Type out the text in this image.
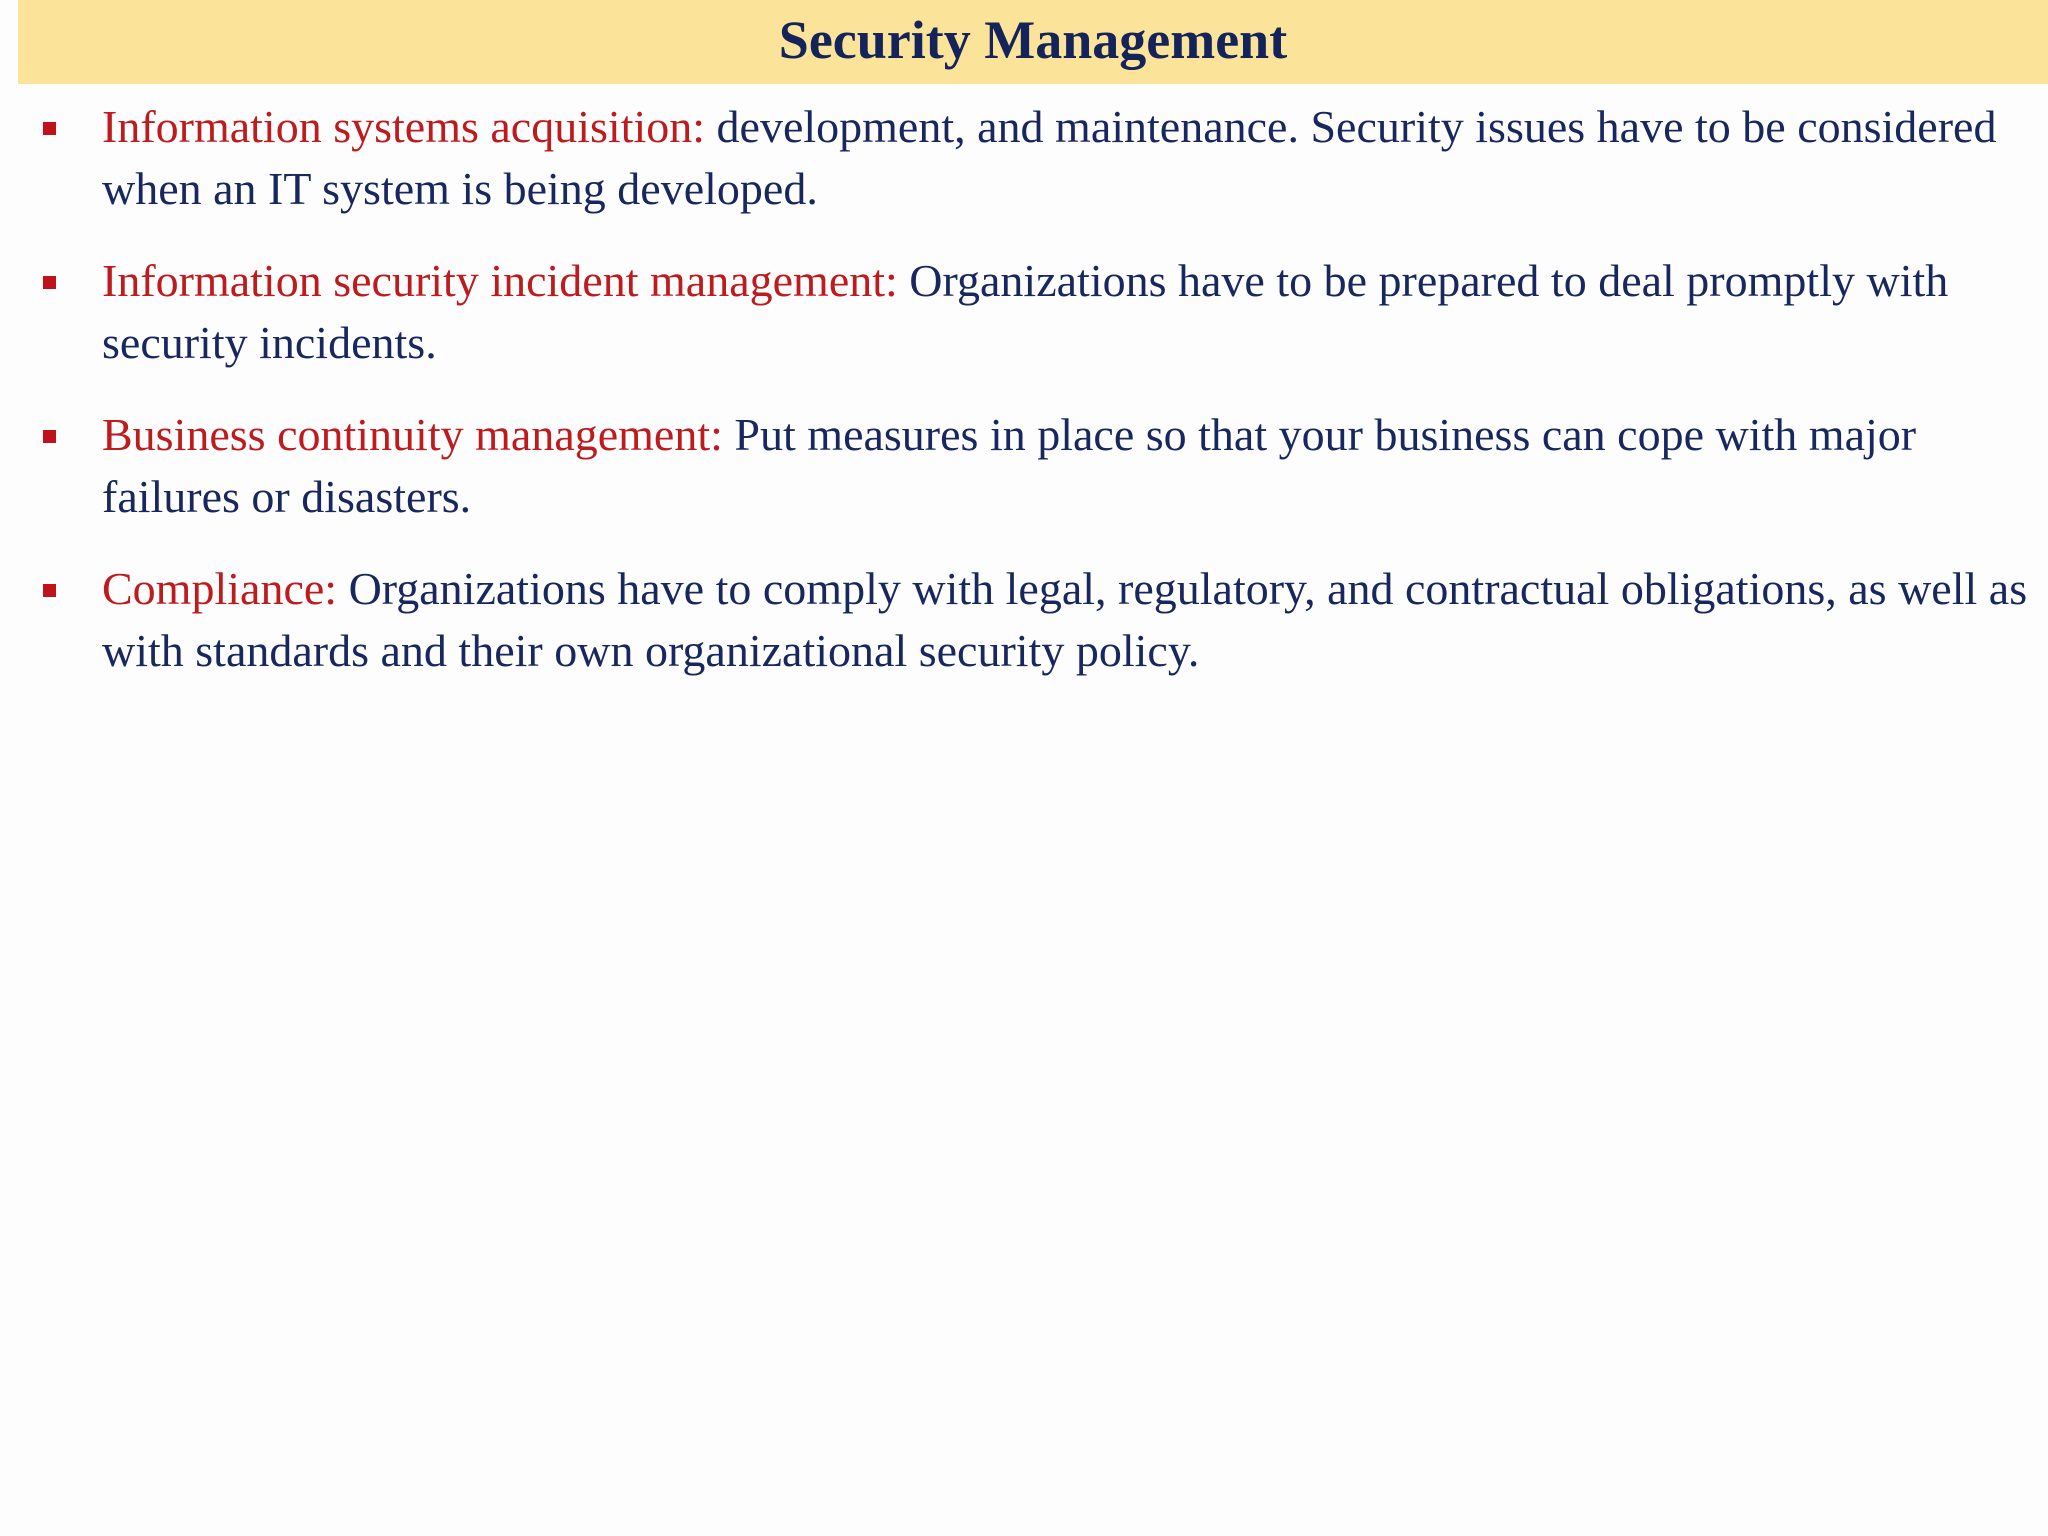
Security Management

Information systems acquisition: development, and maintenance. Security issues have to be considered when an IT system is being developed.

Information security incident management: Organizations have to be prepared to deal promptly with security incidents.

Business continuity management: Put measures in place so that your business can cope with major failures or disasters.

Compliance: Organizations have to comply with legal, regulatory, and contractual obligations, as well as with standards and their own organizational security policy.
